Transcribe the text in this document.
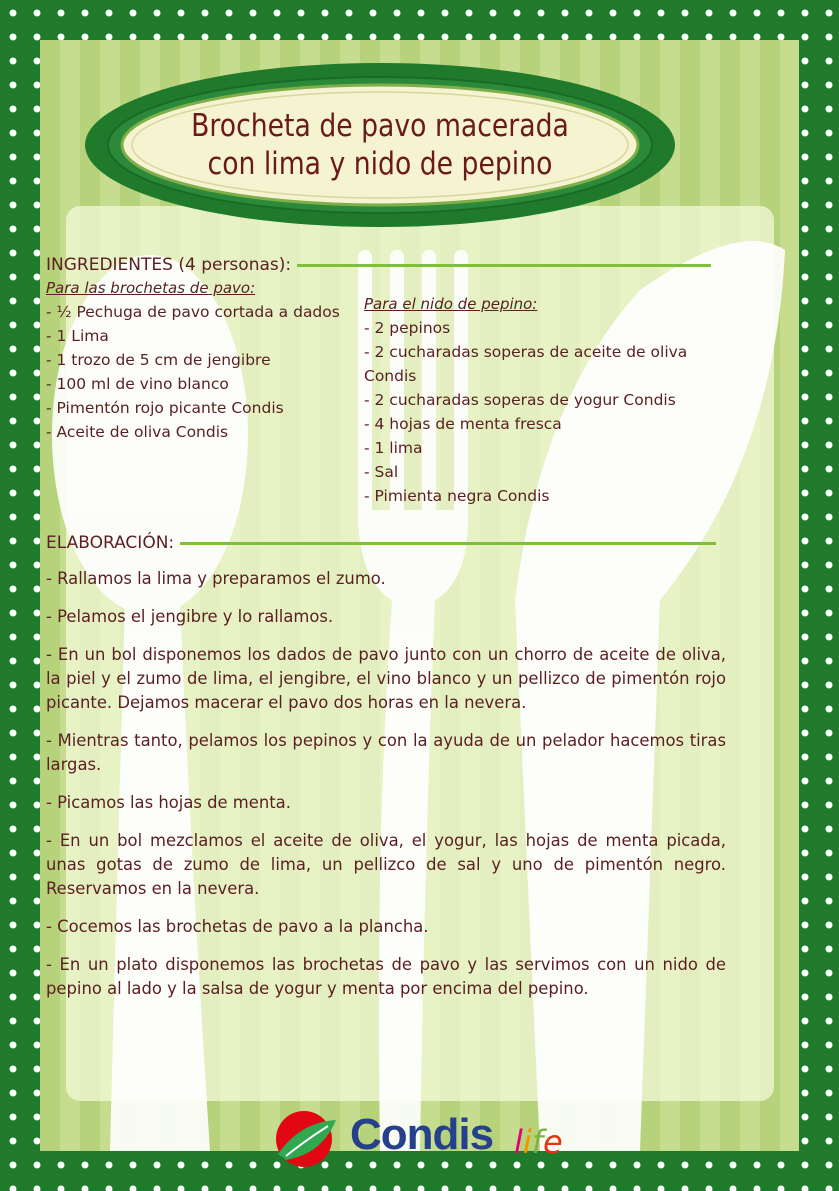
Brocheta de pavo macerada
con lima y nido de pepino

INGREDIENTES (4 personas):

Para las brochetas de pavo:

- ½ Pechuga de pavo cortada a dados

- 1 Lima

- 1 trozo de 5 cm de jengibre

- 100 ml de vino blanco

- Pimentón rojo picante Condis

- Aceite de oliva Condis

Para el nido de pepino:

- 2 pepinos

- 2 cucharadas soperas de aceite de oliva Condis

- 2 cucharadas soperas de yogur Condis

- 4 hojas de menta fresca

- 1 lima

- Sal

- Pimienta negra Condis

ELABORACIÓN:

- Rallamos la lima y preparamos el zumo.

- Pelamos el jengibre y lo rallamos.

- En un bol disponemos los dados de pavo junto con un chorro de aceite de oliva, la piel y el zumo de lima, el jengibre, el vino blanco y un pellizco de pimentón rojo picante. Dejamos macerar el pavo dos horas en la nevera.

- Mientras tanto, pelamos los pepinos y con la ayuda de un pelador hacemos tiras largas.

- Picamos las hojas de menta.

- En un bol mezclamos el aceite de oliva, el yogur, las hojas de menta picada, unas gotas de zumo de lima, un pellizco de sal y uno de pimentón negro. Reservamos en la nevera.

- Cocemos las brochetas de pavo a la plancha.

- En un plato disponemos las brochetas de pavo y las servimos con un nido de pepino al lado y la salsa de yogur y menta por encima del pepino.

Condis life
